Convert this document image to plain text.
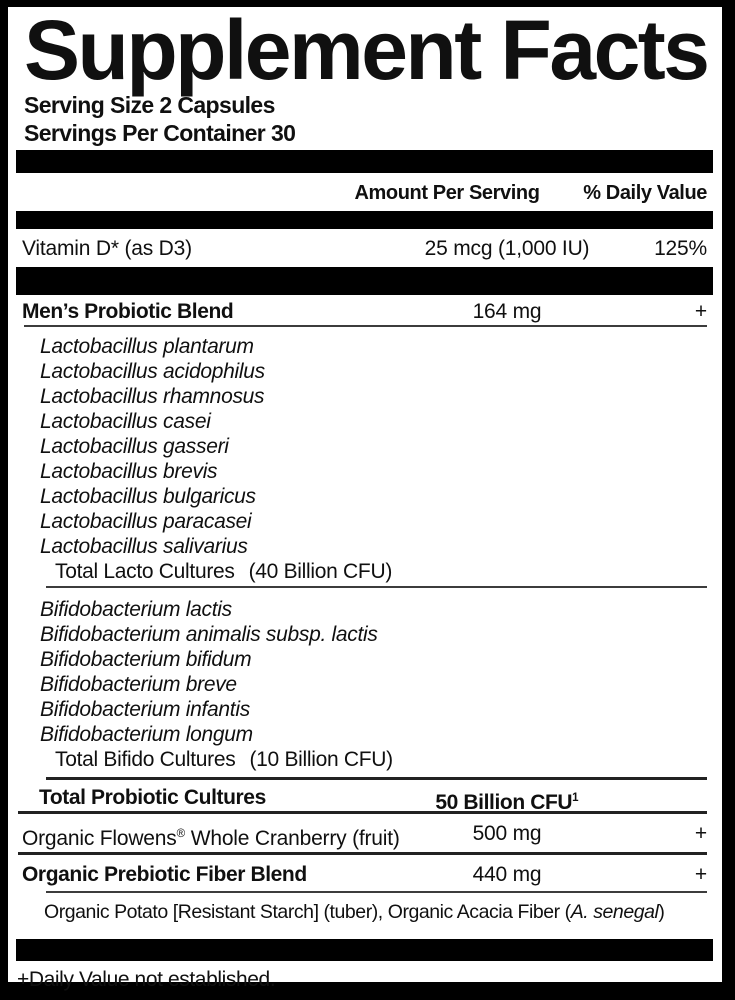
Supplement Facts
Serving Size 2 Capsules
Servings Per Container 30
Amount Per Serving	% Daily Value
Vitamin D* (as D3)	25 mcg (1,000 IU)	125%
Men’s Probiotic Blend	164 mg	+
Lactobacillus plantarum
Lactobacillus acidophilus
Lactobacillus rhamnosus
Lactobacillus casei
Lactobacillus gasseri
Lactobacillus brevis
Lactobacillus bulgaricus
Lactobacillus paracasei
Lactobacillus salivarius
Total Lacto Cultures (40 Billion CFU)
Bifidobacterium lactis
Bifidobacterium animalis subsp. lactis
Bifidobacterium bifidum
Bifidobacterium breve
Bifidobacterium infantis
Bifidobacterium longum
Total Bifido Cultures (10 Billion CFU)
Total Probiotic Cultures	50 Billion CFU$^1$
Organic Flowens® Whole Cranberry (fruit)	500 mg	+
Organic Prebiotic Fiber Blend	440 mg	+
Organic Potato [Resistant Starch] (tuber), Organic Acacia Fiber (A. senegal)
+Daily Value not established.
